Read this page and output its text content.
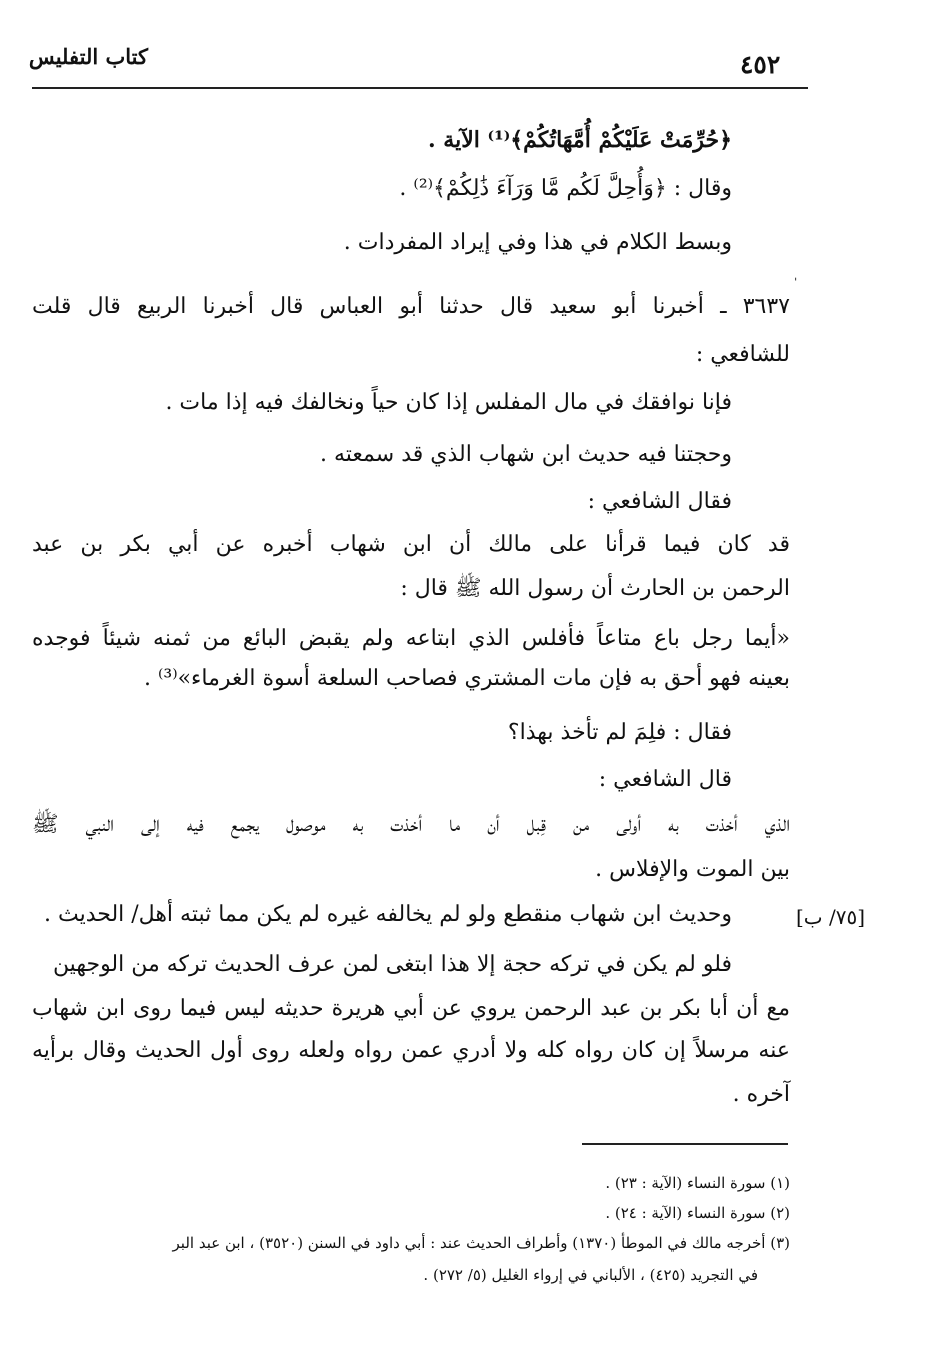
كتاب التفليس	٤٥٢
﴿حُرِّمَتْ عَلَيْكُمْ أُمَّهَاتُكُمْ﴾⁽¹⁾ الآية .
وقال : ﴿وَأُحِلَّ لَكُم مَّا وَرَآءَ ذَٰلِكُمْ﴾⁽²⁾ .
وبسط الكلام في هذا وفي إيراد المفردات .
ˌ
٣٦٣٧ ـ أخبرنا أبو سعيد قال حدثنا أبو العباس قال أخبرنا الربيع قال قلت
للشافعي :
فإنا نوافقك في مال المفلس إذا كان حياً ونخالفك فيه إذا مات .
وحجتنا فيه حديث ابن شهاب الذي قد سمعته .
فقال الشافعي :
قد كان فيما قرأنا على مالك أن ابن شهاب أخبره عن أبي بكر بن عبد
الرحمن بن الحارث أن رسول الله ﷺ قال :
«أيما رجل باع متاعاً فأفلس الذي ابتاعه ولم يقبض البائع من ثمنه شيئاً فوجده
بعينه فهو أحق به فإن مات المشتري فصاحب السلعة أسوة الغرماء»⁽³⁾ .
فقال : فلِمَ لم تأخذ بهذا؟
قال الشافعي :
الذي أخذت به أولى من قِبل أن ما أخذت به موصول يجمع فيه إلى النبي ﷺ
بين الموت والإفلاس .
وحديث ابن شهاب منقطع ولو لم يخالفه غيره لم يكن مما ثبته أهل/ الحديث .	[٧٥/ ب]
فلو لم يكن في تركه حجة إلا هذا ابتغى لمن عرف الحديث تركه من الوجهين
مع أن أبا بكر بن عبد الرحمن يروي عن أبي هريرة حديثه ليس فيما روى ابن شهاب
عنه مرسلاً إن كان رواه كله ولا أدري عمن رواه ولعله روى أول الحديث وقال برأيه
آخره .
(١) سورة النساء (الآية : ٢٣) .
(٢) سورة النساء (الآية : ٢٤) .
(٣) أخرجه مالك في الموطأ (١٣٧٠) وأطراف الحديث عند : أبي داود في السنن (٣٥٢٠) ، ابن عبد البر
في التجريد (٤٢٥) ، الألباني في إرواء الغليل (٥/ ٢٧٢) .
